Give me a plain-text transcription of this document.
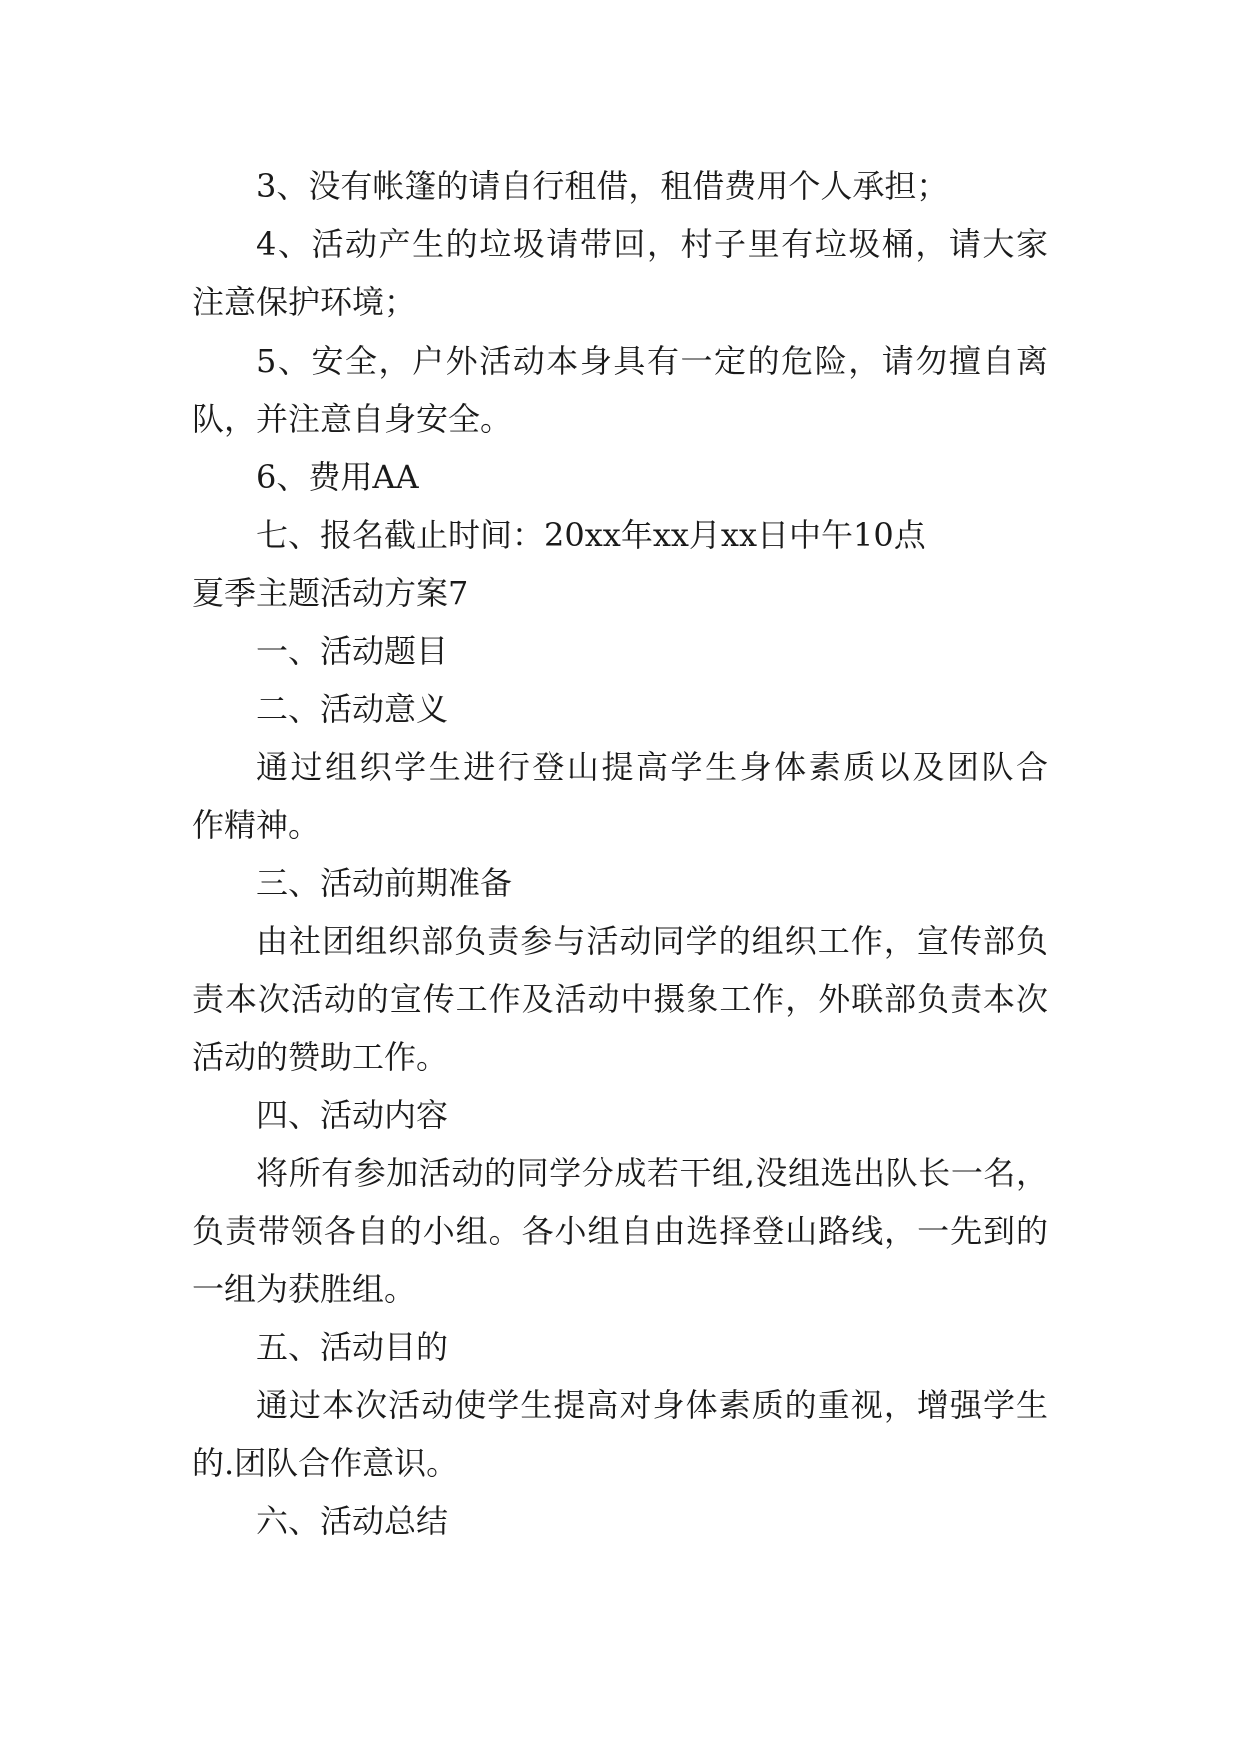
3、没有帐篷的请自行租借，租借费用个人承担；
4、活动产生的垃圾请带回，村子里有垃圾桶，请大家
注意保护环境；
5、安全，户外活动本身具有一定的危险，请勿擅自离
队，并注意自身安全。
6、费用AA
七、报名截止时间：20xx年xx月xx日中午10点
夏季主题活动方案7
一、活动题目
二、活动意义
通过组织学生进行登山提高学生身体素质以及团队合
作精神。
三、活动前期准备
由社团组织部负责参与活动同学的组织工作，宣传部负
责本次活动的宣传工作及活动中摄象工作，外联部负责本次
活动的赞助工作。
四、活动内容
将所有参加活动的同学分成若干组,没组选出队长一名，
负责带领各自的小组。各小组自由选择登山路线，一先到的
一组为获胜组。
五、活动目的
通过本次活动使学生提高对身体素质的重视，增强学生
的.团队合作意识。
六、活动总结
